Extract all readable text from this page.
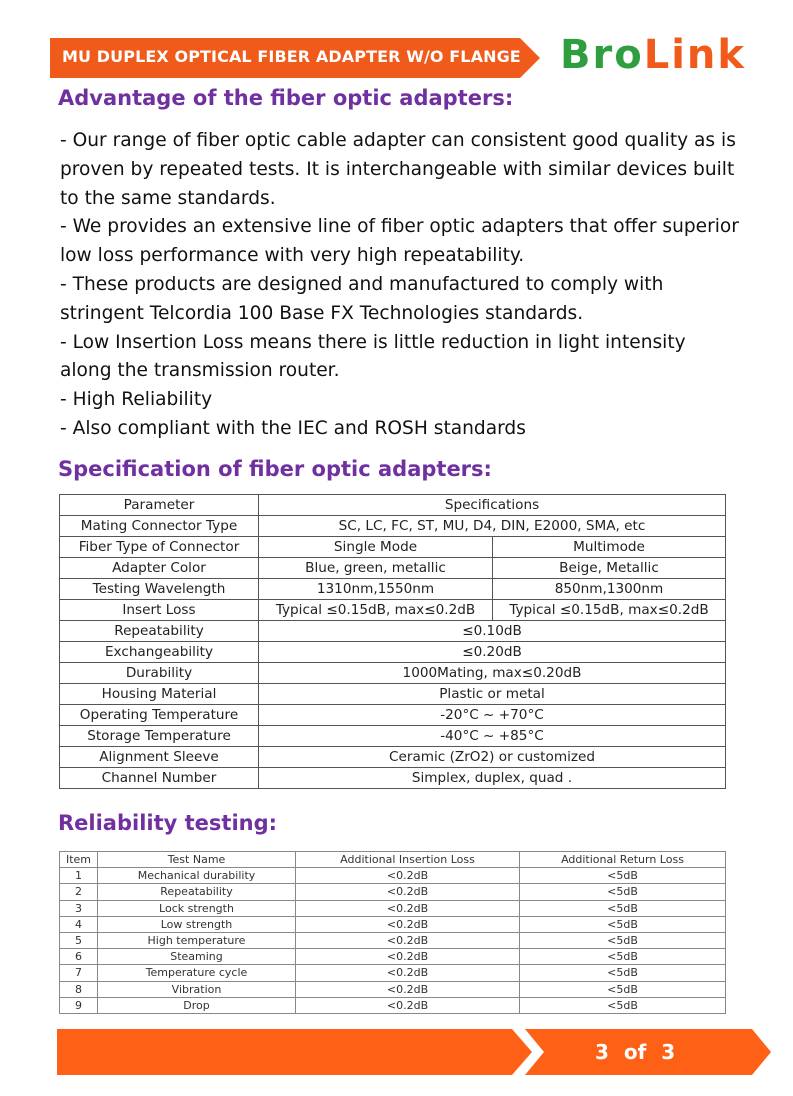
MU DUPLEX OPTICAL FIBER ADAPTER W/O FLANGE BroLink
Advantage of the fiber optic adapters:

- Our range of fiber optic cable adapter can consistent good quality as is proven by repeated tests. It is interchangeable with similar devices built to the same standards.

- We provides an extensive line of fiber optic adapters that offer superior low loss performance with very high repeatability.

- These products are designed and manufactured to comply with stringent Telcordia 100 Base FX Technologies standards.

- Low Insertion Loss means there is little reduction in light intensity along the transmission router.

- High Reliability

- Also compliant with the IEC and ROSH standards

Specification of fiber optic adapters:
Parameter	Specifications	
Mating Connector Type	SC, LC, FC, ST, MU, D4, DIN, E2000, SMA, etc	
Fiber Type of Connector	Single Mode	Multimode
Adapter Color	Blue, green, metallic	Beige, Metallic
Testing Wavelength	1310nm,1550nm	850nm,1300nm
Insert Loss	Typical ≤0.15dB, max≤0.2dB	Typical ≤0.15dB, max≤0.2dB
Repeatability	≤0.10dB	
Exchangeability	≤0.20dB	
Durability	1000Mating, max≤0.20dB	
Housing Material	Plastic or metal	
Operating Temperature	-20°C ~ +70°C	
Storage Temperature	-40°C ~ +85°C	
Alignment Sleeve	Ceramic (ZrO2) or customized	
Channel Number	Simplex, duplex, quad .	
Reliability testing:
Item	Test Name	Additional Insertion Loss	Additional Return Loss
1	Mechanical durability	<0.2dB	<5dB
2	Repeatability	<0.2dB	<5dB
3	Lock strength	<0.2dB	<5dB
4	Low strength	<0.2dB	<5dB
5	High temperature	<0.2dB	<5dB
6	Steaming	<0.2dB	<5dB
7	Temperature cycle	<0.2dB	<5dB
8	Vibration	<0.2dB	<5dB
9	Drop	<0.2dB	<5dB
3 of 3
